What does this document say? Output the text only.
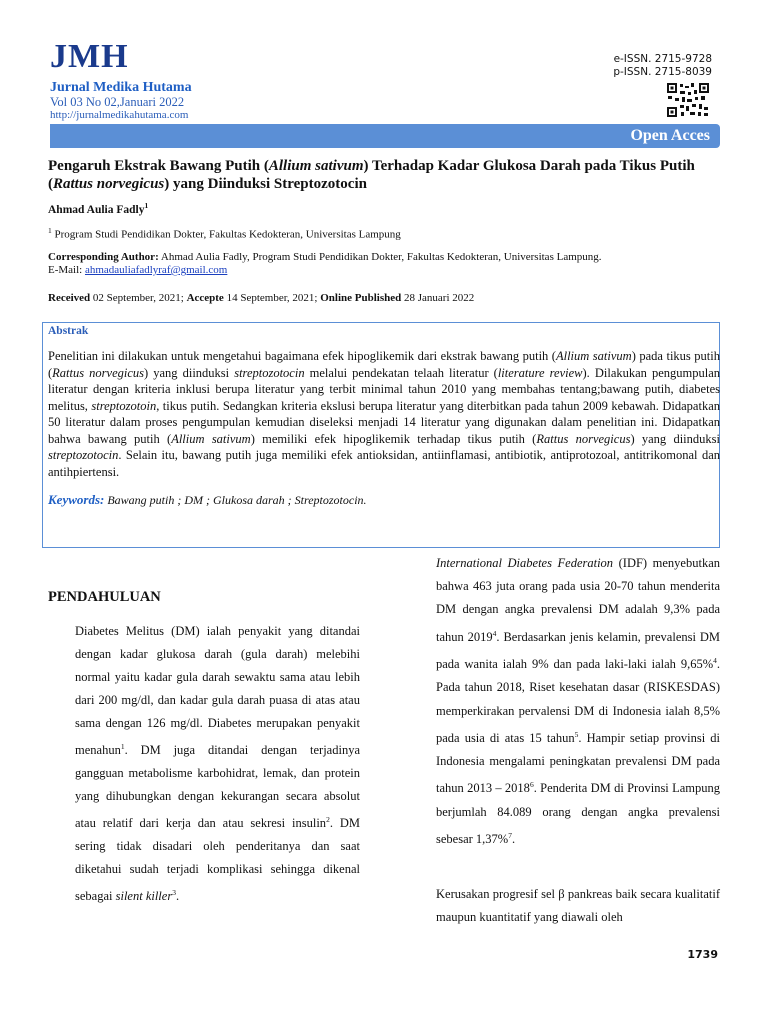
JMH
Jurnal Medika Hutama
Vol 03 No 02,Januari 2022
http://jurnalmedikahutama.com
e-ISSN. 2715-9728
p-ISSN. 2715-8039
Open Acces
Pengaruh Ekstrak Bawang Putih (Allium sativum) Terhadap Kadar Glukosa Darah pada Tikus Putih (Rattus norvegicus) yang Diinduksi Streptozotocin
Ahmad Aulia Fadly$^1$
$^1$ Program Studi Pendidikan Dokter, Fakultas Kedokteran, Universitas Lampung
Corresponding Author: Ahmad Aulia Fadly, Program Studi Pendidikan Dokter, Fakultas Kedokteran, Universitas Lampung.
E-Mail: ahmadauliafadlyraf@gmail.com
Received 02 September, 2021; Accepte 14 September, 2021; Online Published 28 Januari 2022
Abstrak
Penelitian ini dilakukan untuk mengetahui bagaimana efek hipoglikemik dari ekstrak bawang putih (Allium sativum) pada tikus putih (Rattus norvegicus) yang diinduksi streptozotocin melalui pendekatan telaah literatur (literature review). Dilakukan pengumpulan literatur dengan kriteria inklusi berupa literatur yang terbit minimal tahun 2010 yang membahas tentang;bawang putih, diabetes melitus, streptozotoin, tikus putih. Sedangkan kriteria ekslusi berupa literatur yang diterbitkan pada tahun 2009 kebawah. Didapatkan 50 literatur dalam proses pengumpulan kemudian diseleksi menjadi 14 literatur yang digunakan dalam penelitian ini. Didapatkan bahwa bawang putih (Allium sativum) memiliki efek hipoglikemik terhadap tikus putih (Rattus norvegicus) yang diinduksi streptozotocin. Selain itu, bawang putih juga memiliki efek antioksidan, antiinflamasi, antibiotik, antiprotozoal, antitrikomonal dan antihpiertensi.
Keywords: Bawang putih ; DM ; Glukosa darah ; Streptozotocin.
PENDAHULUAN
Diabetes Melitus (DM) ialah penyakit yang ditandai dengan kadar glukosa darah (gula darah) melebihi normal yaitu kadar gula darah sewaktu sama atau lebih dari 200 mg/dl, dan kadar gula darah puasa di atas atau sama dengan 126 mg/dl. Diabetes merupakan penyakit menahun$^1$. DM juga ditandai dengan terjadinya gangguan metabolisme karbohidrat, lemak, dan protein yang dihubungkan dengan kekurangan secara absolut atau relatif dari kerja dan atau sekresi insulin$^2$. DM sering tidak disadari oleh penderitanya dan saat diketahui sudah terjadi komplikasi sehingga dikenal sebagai silent killer$^3$.
International Diabetes Federation (IDF) menyebutkan bahwa 463 juta orang pada usia 20-70 tahun menderita DM dengan angka prevalensi DM adalah 9,3% pada tahun 2019$^4$. Berdasarkan jenis kelamin, prevalensi DM pada wanita ialah 9% dan pada laki-laki ialah 9,65%$^4$. Pada tahun 2018, Riset kesehatan dasar (RISKESDAS) memperkirakan pervalensi DM di Indonesia ialah 8,5% pada usia di atas 15 tahun$^5$. Hampir setiap provinsi di Indonesia mengalami peningkatan prevalensi DM pada tahun 2013 – 2018$^6$. Penderita DM di Provinsi Lampung berjumlah 84.089 orang dengan angka prevalensi sebesar 1,37%$^7$.
Kerusakan progresif sel β pankreas baik secara kualitatif maupun kuantitatif yang diawali oleh
1739
